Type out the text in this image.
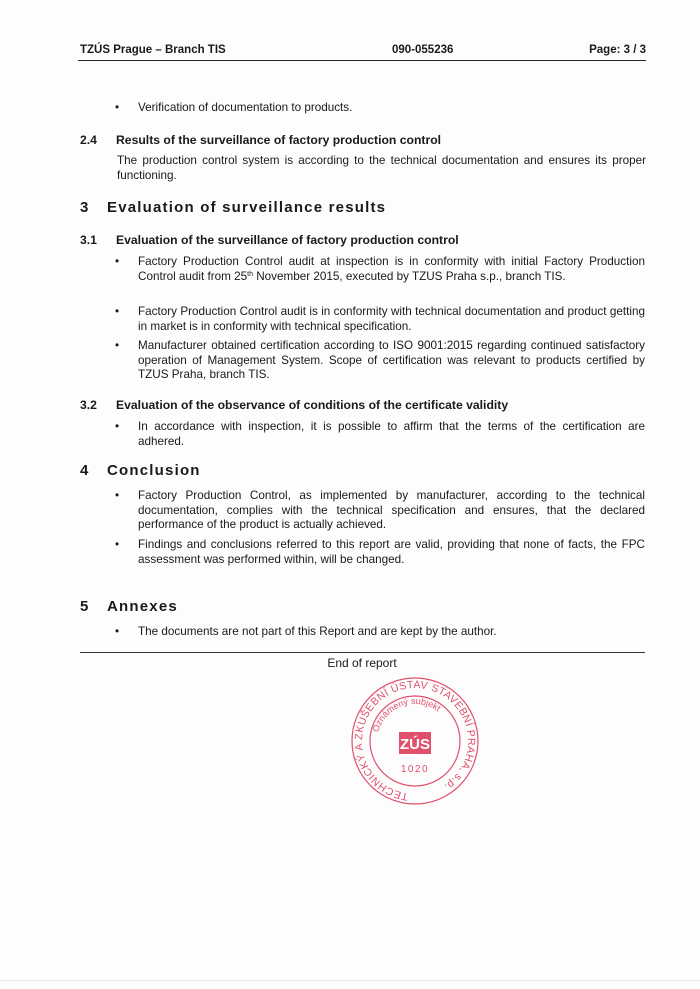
TZÚS Prague – Branch TIS	090-055236	Page: 3 / 3
• Verification of documentation to products.
2.4 Results of the surveillance of factory production control
The production control system is according to the technical documentation and ensures its proper functioning.
3 Evaluation of surveillance results
3.1 Evaluation of the surveillance of factory production control
• Factory Production Control audit at inspection is in conformity with initial Factory Production Control audit from 25th November 2015, executed by TZUS Praha s.p., branch TIS.
• Factory Production Control audit is in conformity with technical documentation and product getting in market is in conformity with technical specification.
• Manufacturer obtained certification according to ISO 9001:2015 regarding continued satisfactory operation of Management System. Scope of certification was relevant to products certified by TZUS Praha, branch TIS.
3.2 Evaluation of the observance of conditions of the certificate validity
• In accordance with inspection, it is possible to affirm that the terms of the certification are adhered.
4 Conclusion
• Factory Production Control, as implemented by manufacturer, according to the technical documentation, complies with the technical specification and ensures, that the declared performance of the product is actually achieved.
• Findings and conclusions referred to this report are valid, providing that none of facts, the FPC assessment was performed within, will be changed.
5 Annexes
• The documents are not part of this Report and are kept by the author.
End of report
TECHNICKÝ A ZKUŠEBNÍ ÚSTAV STAVEBNÍ PRAHA, s.p.
Oznámený subjekt
ZÚS
1020
